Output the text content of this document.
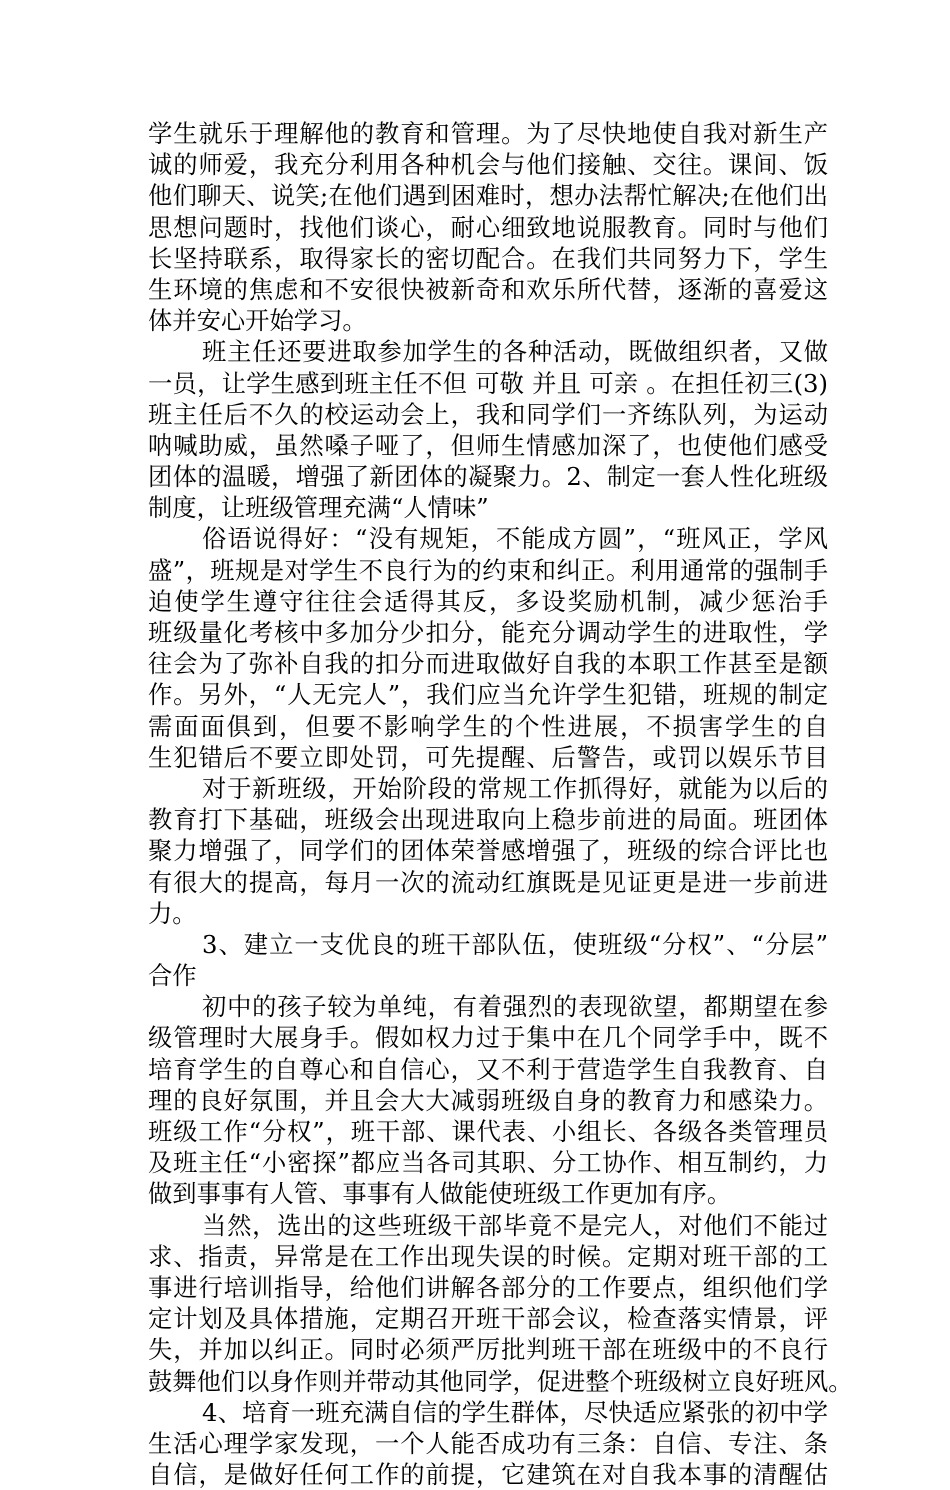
学生就乐于理解他的教育和管理。为了尽快地使自我对新生产
诚的师爱，我充分利用各种机会与他们接触、交往。课间、饭
他们聊天、说笑;在他们遇到困难时，想办法帮忙解决;在他们出
思想问题时，找他们谈心，耐心细致地说服教育。同时与他们
长坚持联系，取得家长的密切配合。在我们共同努力下，学生
生环境的焦虑和不安很快被新奇和欢乐所代替，逐渐的喜爱这
体并安心开始学习。
班主任还要进取参加学生的各种活动，既做组织者，又做
一员，让学生感到班主任不但 可敬 并且 可亲 。在担任初三(3)
班主任后不久的校运动会上，我和同学们一齐练队列，为运动
呐喊助威，虽然嗓子哑了，但师生情感加深了，也使他们感受
团体的温暖，增强了新团体的凝聚力。2、制定一套人性化班级
制度，让班级管理充满“人情味”
俗语说得好：“没有规矩，不能成方圆”，“班风正，学风
盛”，班规是对学生不良行为的约束和纠正。利用通常的强制手
迫使学生遵守往往会适得其反，多设奖励机制，减少惩治手
班级量化考核中多加分少扣分，能充分调动学生的进取性，学
往会为了弥补自我的扣分而进取做好自我的本职工作甚至是额
作。另外，“人无完人”，我们应当允许学生犯错，班规的制定
需面面俱到，但要不影响学生的个性进展，不损害学生的自
生犯错后不要立即处罚，可先提醒、后警告，或罚以娱乐节目
对于新班级，开始阶段的常规工作抓得好，就能为以后的
教育打下基础，班级会出现进取向上稳步前进的局面。班团体
聚力增强了，同学们的团体荣誉感增强了，班级的综合评比也
有很大的提高，每月一次的流动红旗既是见证更是进一步前进
力。
3、建立一支优良的班干部队伍，使班级“分权”、“分层”
合作
初中的孩子较为单纯，有着强烈的表现欲望，都期望在参
级管理时大展身手。假如权力过于集中在几个同学手中，既不
培育学生的自尊心和自信心，又不利于营造学生自我教育、自
理的良好氛围，并且会大大减弱班级自身的教育力和感染力。
班级工作“分权”，班干部、课代表、小组长、各级各类管理员
及班主任“小密探”都应当各司其职、分工协作、相互制约，力
做到事事有人管、事事有人做能使班级工作更加有序。
当然，选出的这些班级干部毕竟不是完人，对他们不能过
求、指责，异常是在工作出现失误的时候。定期对班干部的工
事进行培训指导，给他们讲解各部分的工作要点，组织他们学
定计划及具体措施，定期召开班干部会议，检查落实情景，评
失，并加以纠正。同时必须严厉批判班干部在班级中的不良行
鼓舞他们以身作则并带动其他同学，促进整个班级树立良好班风。
4、培育一班充满自信的学生群体，尽快适应紧张的初中学
生活心理学家发现，一个人能否成功有三条：自信、专注、条
自信，是做好任何工作的前提，它建筑在对自我本事的清醒估
